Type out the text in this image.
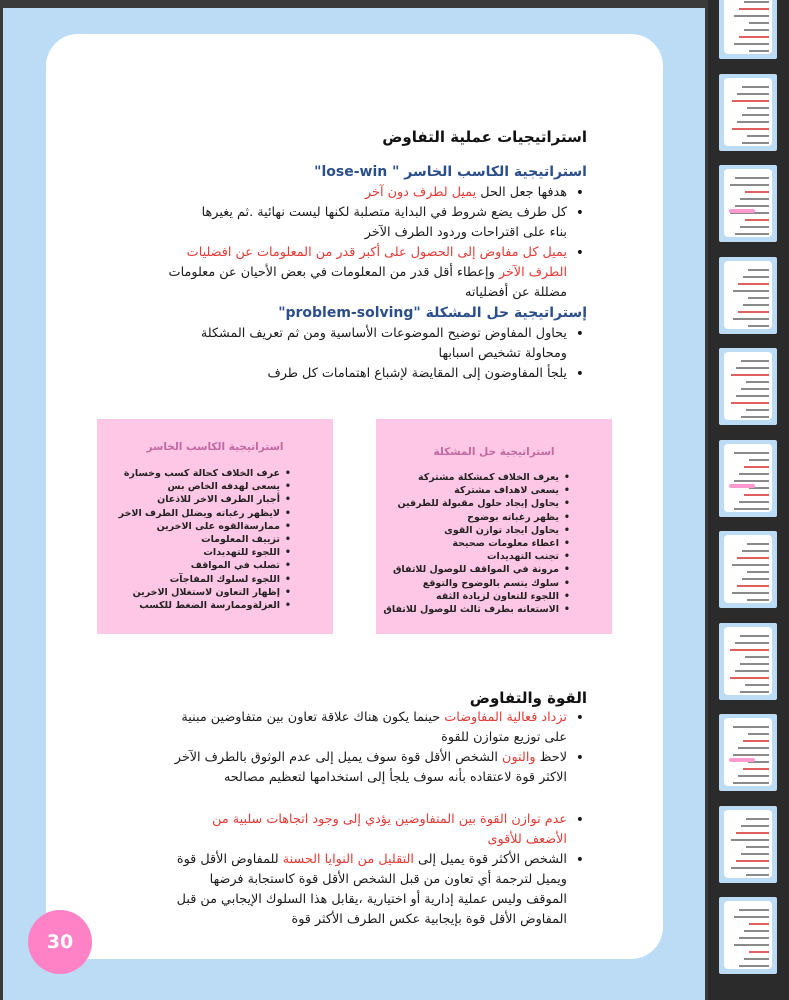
استراتيجيات عملية التفاوض
استراتيجية الكاسب الخاسر " lose-win"
• هدفها جعل الحل يميل لطرف دون آخر
• كل طرف يضع شروط في البداية متصلبة لكنها ليست نهائية .ثم يغيرها
بناء على اقتراحات وردود الطرف الآخر
• يميل كل مفاوض إلى الحصول على أكبر قدر من المعلومات عن افضليات
الطرف الآخر وإعطاء أقل قدر من المعلومات في بعض الأحيان عن معلومات
مضللة عن أفضلياته
إستراتيجية حل المشكلة "problem-solving"
• يحاول المفاوض توضيح الموضوعات الأساسية ومن ثم تعريف المشكلة
ومحاولة تشخيص اسبابها
• يلجأ المفاوضون إلى المقايضة لإشباع اهتمامات كل طرف
استراتيجية الكاسب الخاسر
• عرف الخلاف كحالة كسب وخسارة
• يسعى لهدفه الخاص بس
• أجبار الطرف الاخر للاذعان
• لايظهر رغباته ويضلل الطرف الاخر
• ممارسةالقوه على الاخرين
• تزييف المعلومات
• اللجوء للتهديدات
• تصلب في المواقف
• اللجوء لسلوك المفاجآت
• إظهار التعاون لاستغلال الاخرين
• العزلةوممارسة الضغط للكسب
استراتيجية حل المشكلة
• يعرف الخلاف كمشكلة مشتركة
• يسعى لاهداف مشتركة
• يحاول إيجاد حلول مقبولة للطرفين
• يظهر رغباته بوضوح
• يحاول ايجاد توازن القوى
• اعطاء معلومات صحيحة
• تجنب التهديدات
• مرونة في المواقف للوصول للاتفاق
• سلوك يتسم بالوضوح والتوقع
• اللجوء للتعاون لزيادة الثقه
• الاستعانه بطرف ثالث للوصول للاتفاق
القوة والتفاوض
• تزداد فعالية المفاوضات حينما يكون هناك علاقة تعاون بين متفاوضين مبنية
على توزيع متوازن للقوة
• لاحظ والتون الشخص الأقل قوة سوف يميل إلى عدم الوثوق بالطرف الآخر
الاكثر قوة لاعتقاده بأنه سوف يلجأ إلى استخدامها لتعظيم مصالحه
• عدم توازن القوة بين المتفاوضين يؤدي إلى وجود اتجاهات سلبية من
الأضعف للأقوى
• الشخص الأكثر قوة يميل إلى التقليل من النوايا الحسنة للمفاوض الأقل قوة
ويميل لترجمة أي تعاون من قبل الشخص الأقل قوة كاستجابة فرضها
الموقف وليس عملية إدارية أو اختيارية ،يقابل هذا السلوك الإيجابي من قبل
المفاوض الأقل قوة بإيجابية عكس الطرف الأكثر قوة
30
